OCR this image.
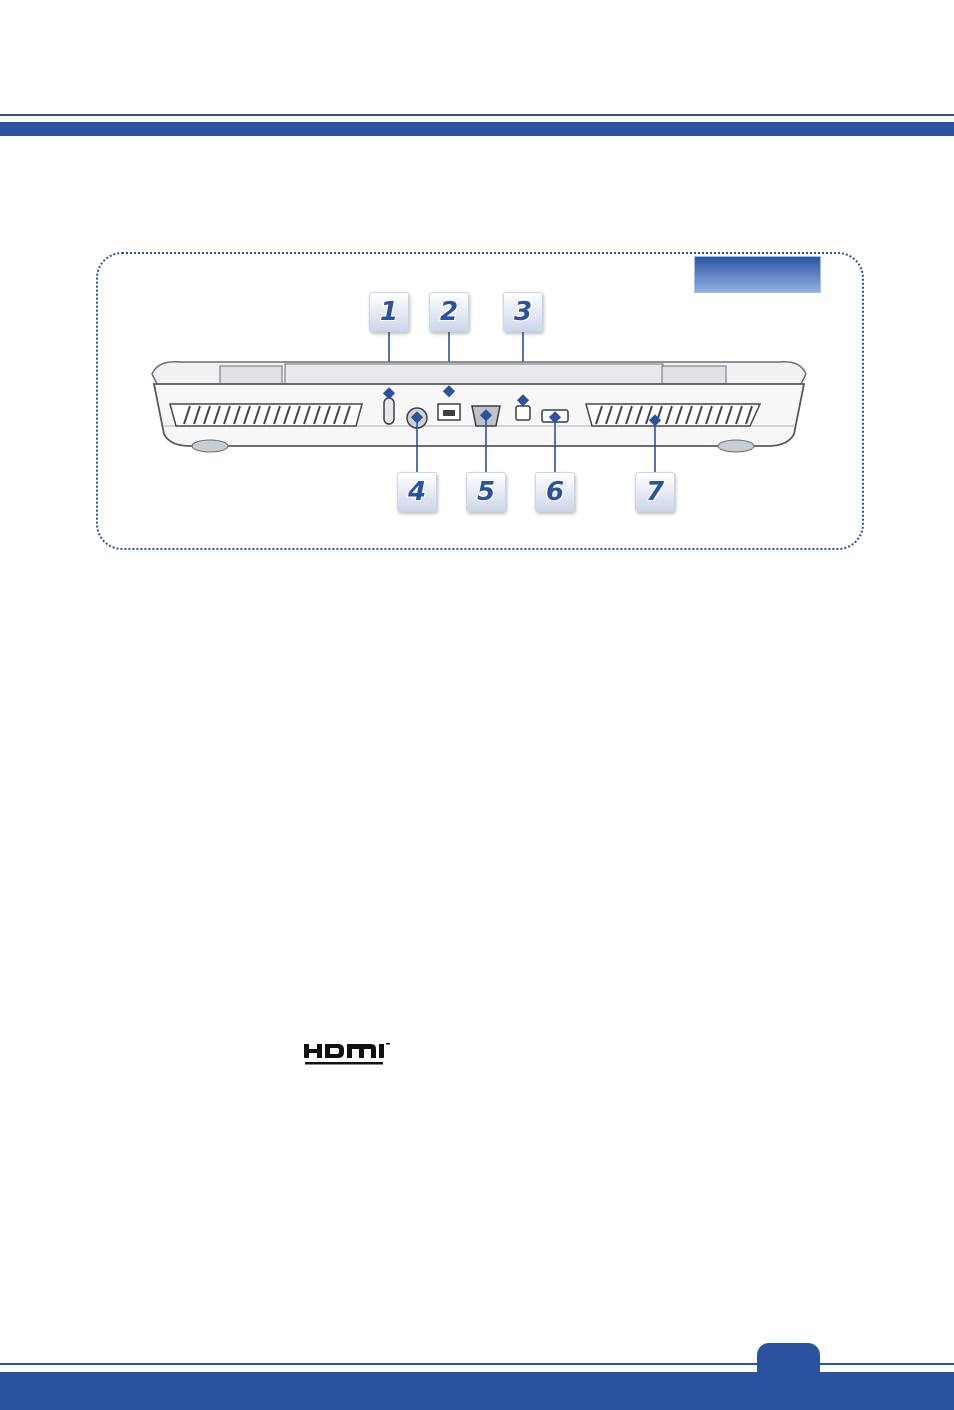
1 2 3
4 5 6	7
